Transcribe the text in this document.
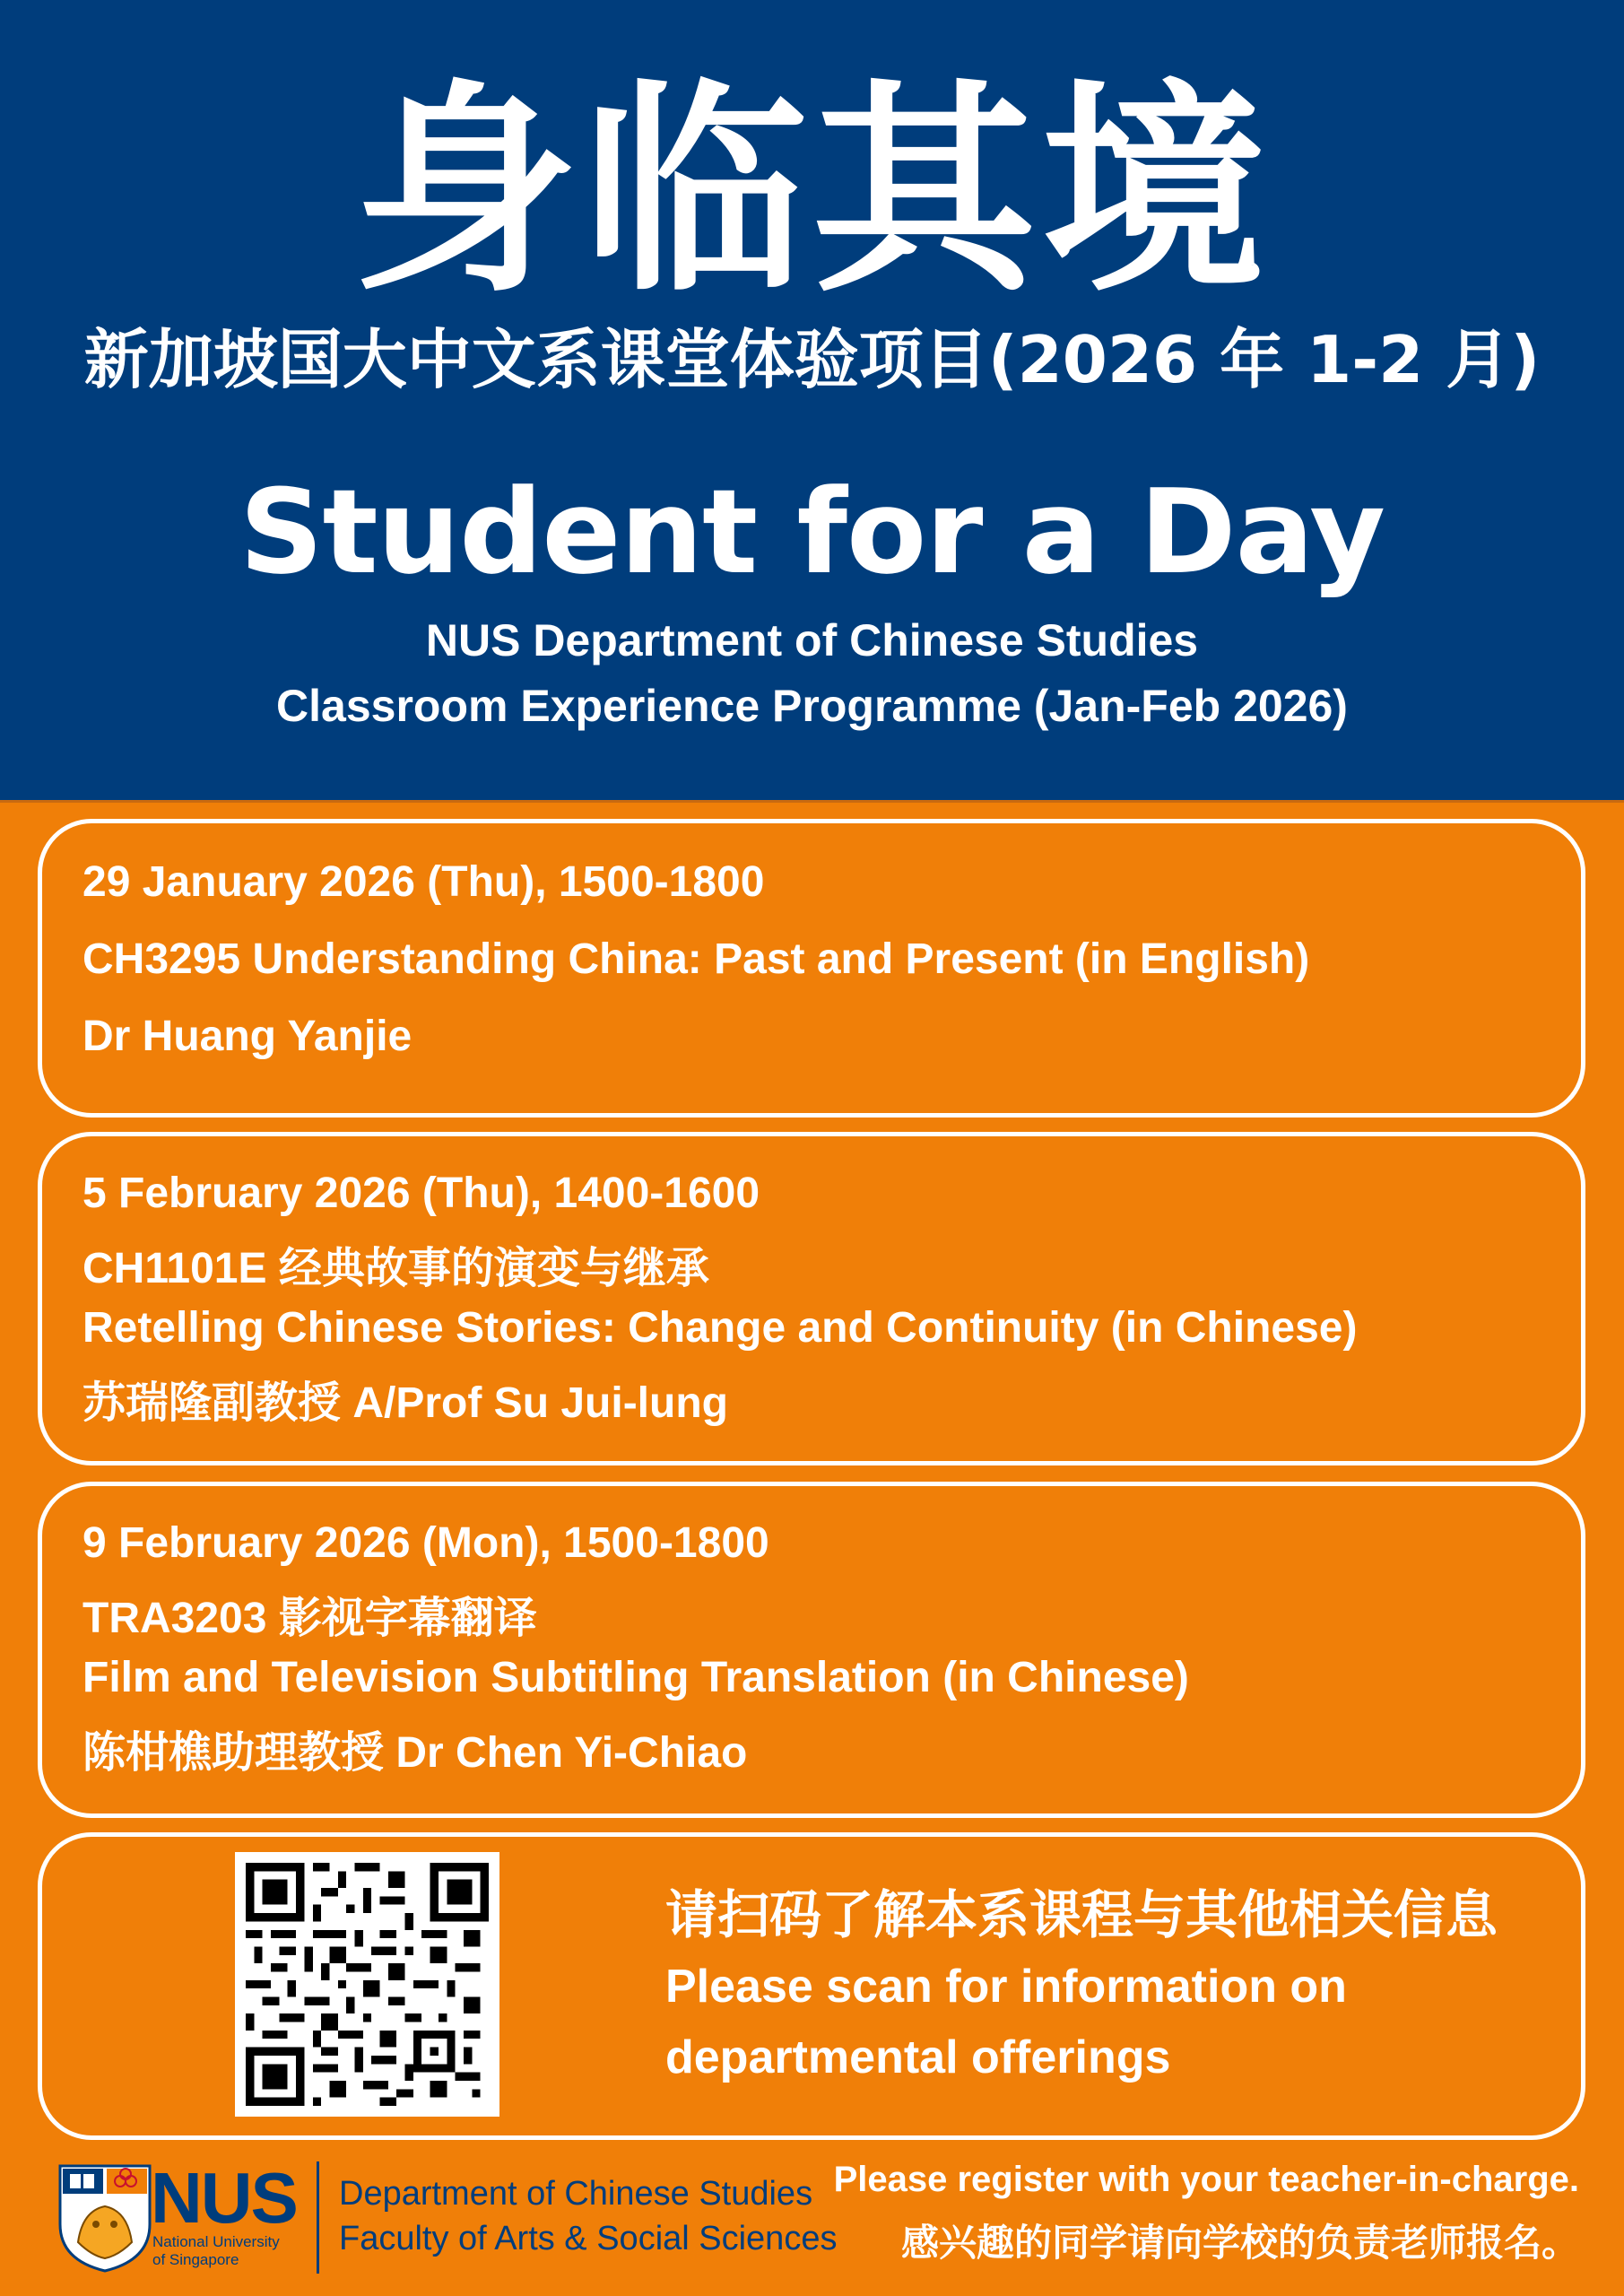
身临其境
新加坡国大中文系课堂体验项目(2026 年 1-2 月)
Student for a Day
NUS Department of Chinese Studies
Classroom Experience Programme (Jan-Feb 2026)
29 January 2026 (Thu), 1500-1800
CH3295 Understanding China: Past and Present (in English)
Dr Huang Yanjie
5 February 2026 (Thu), 1400-1600
CH1101E 经典故事的演变与继承
Retelling Chinese Stories: Change and Continuity (in Chinese)
苏瑞隆副教授 A/Prof Su Jui-lung
9 February 2026 (Mon), 1500-1800
TRA3203 影视字幕翻译
Film and Television Subtitling Translation (in Chinese)
陈柑樵助理教授 Dr Chen Yi-Chiao
请扫码了解本系课程与其他相关信息
Please scan for information on
departmental offerings
NUS
National University
of Singapore
Department of Chinese Studies
Faculty of Arts & Social Sciences
Please register with your teacher-in-charge.
感兴趣的同学请向学校的负责老师报名。
